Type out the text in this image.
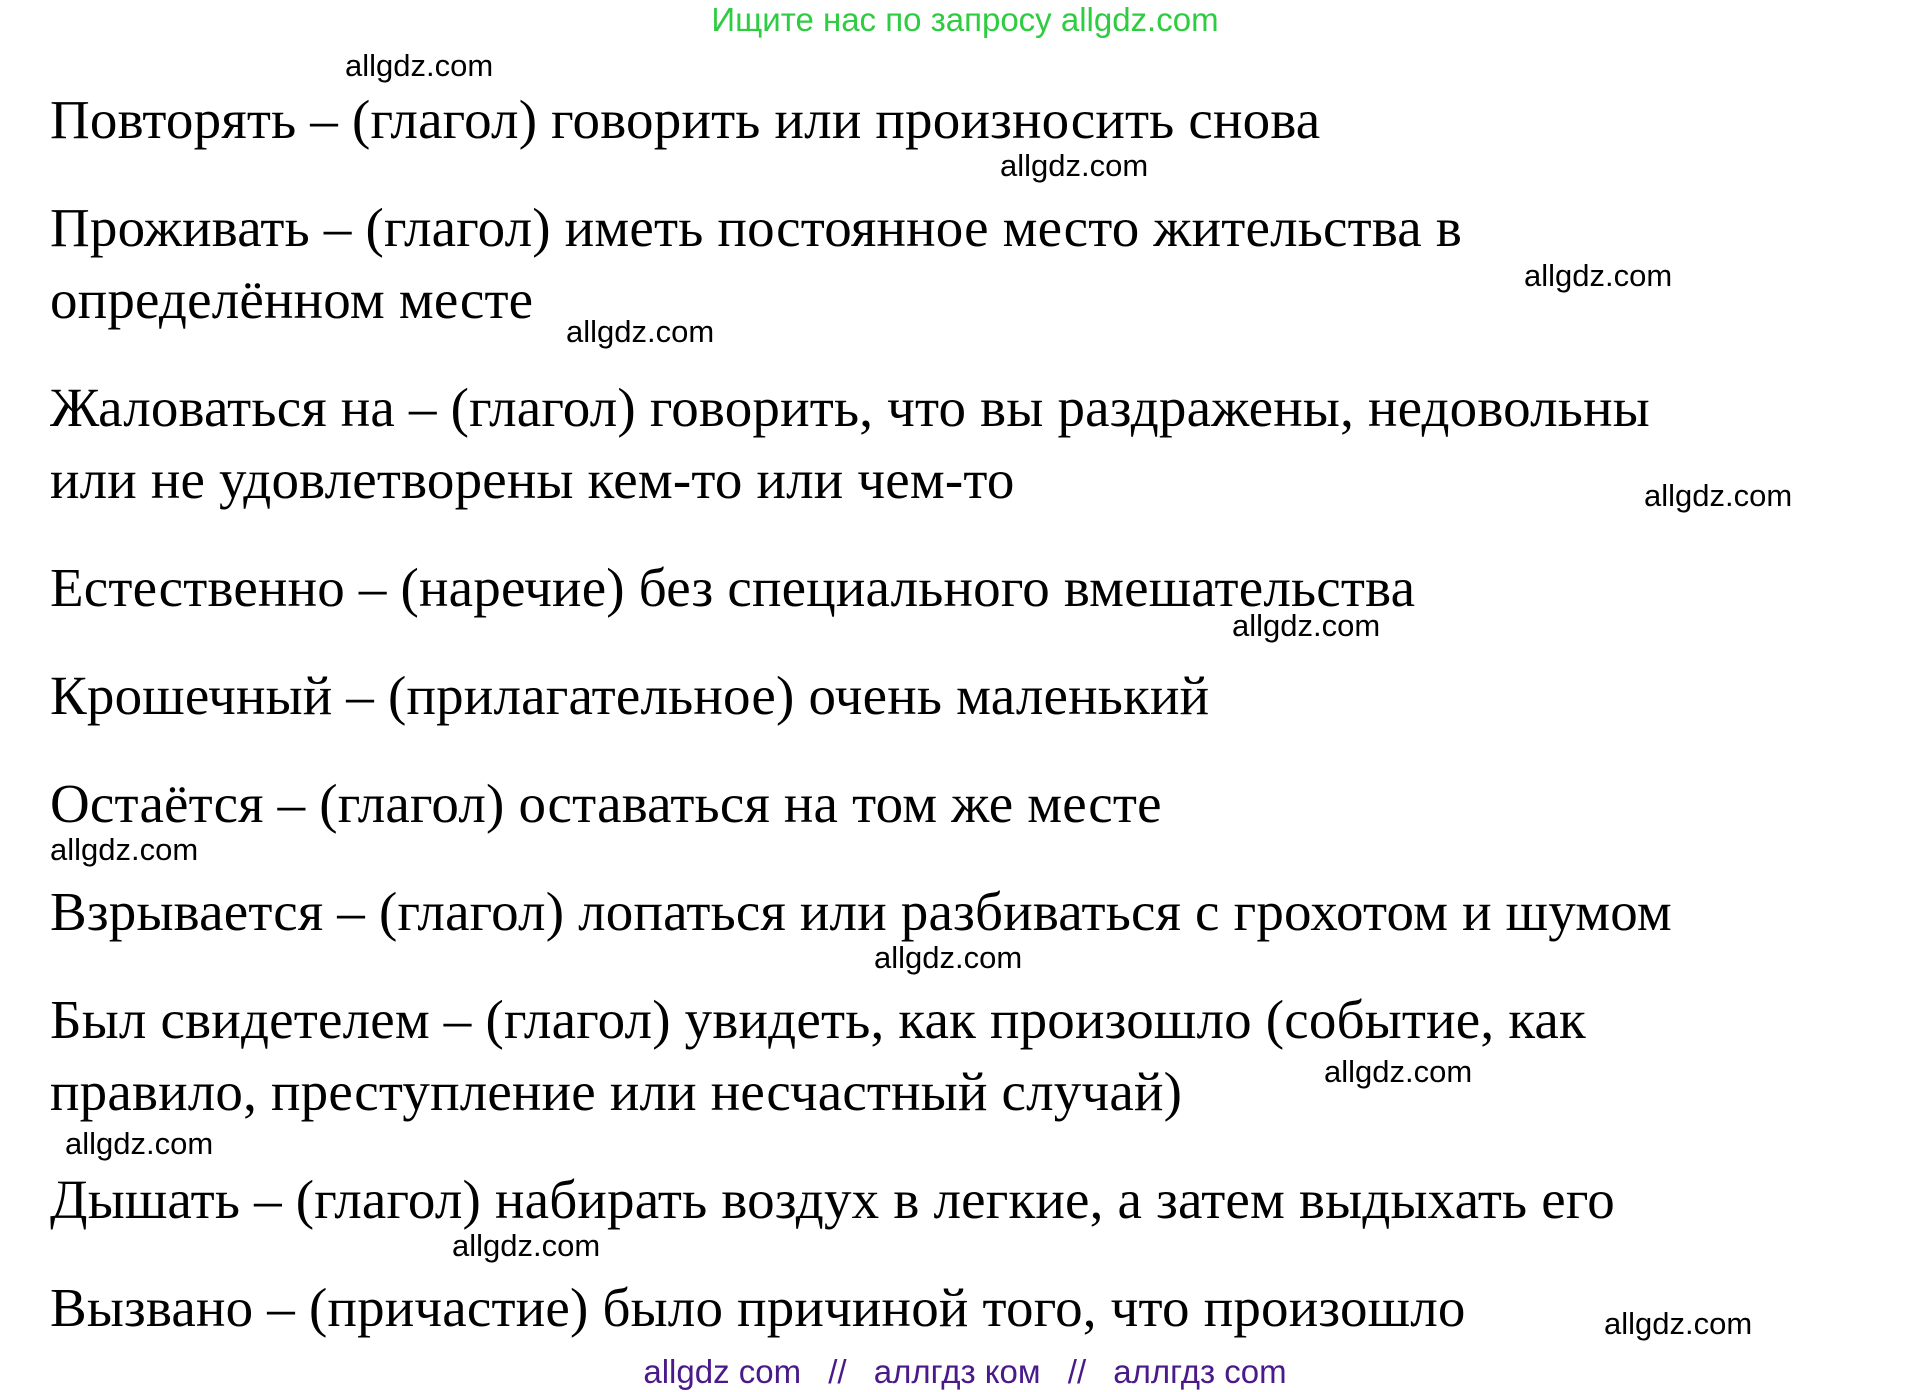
Ищите нас по запросу allgdz.com
Повторять – (глагол) говорить или произносить снова
Проживать – (глагол) иметь постоянное место жительства в
определённом месте
Жаловаться на – (глагол) говорить, что вы раздражены, недовольны
или не удовлетворены кем-то или чем-то
Естественно – (наречие) без специального вмешательства
Крошечный – (прилагательное) очень маленький
Остаётся – (глагол) оставаться на том же месте
Взрывается – (глагол) лопаться или разбиваться с грохотом и шумом
Был свидетелем – (глагол) увидеть, как произошло (событие, как
правило, преступление или несчастный случай)
Дышать – (глагол) набирать воздух в легкие, а затем выдыхать его
Вызвано – (причастие) было причиной того, что произошло
allgdz.com
allgdz.com
allgdz.com
allgdz.com
allgdz.com
allgdz.com
allgdz.com
allgdz.com
allgdz.com
allgdz.com
allgdz.com
allgdz.com
allgdz com // аллгдз ком // аллгдз com
